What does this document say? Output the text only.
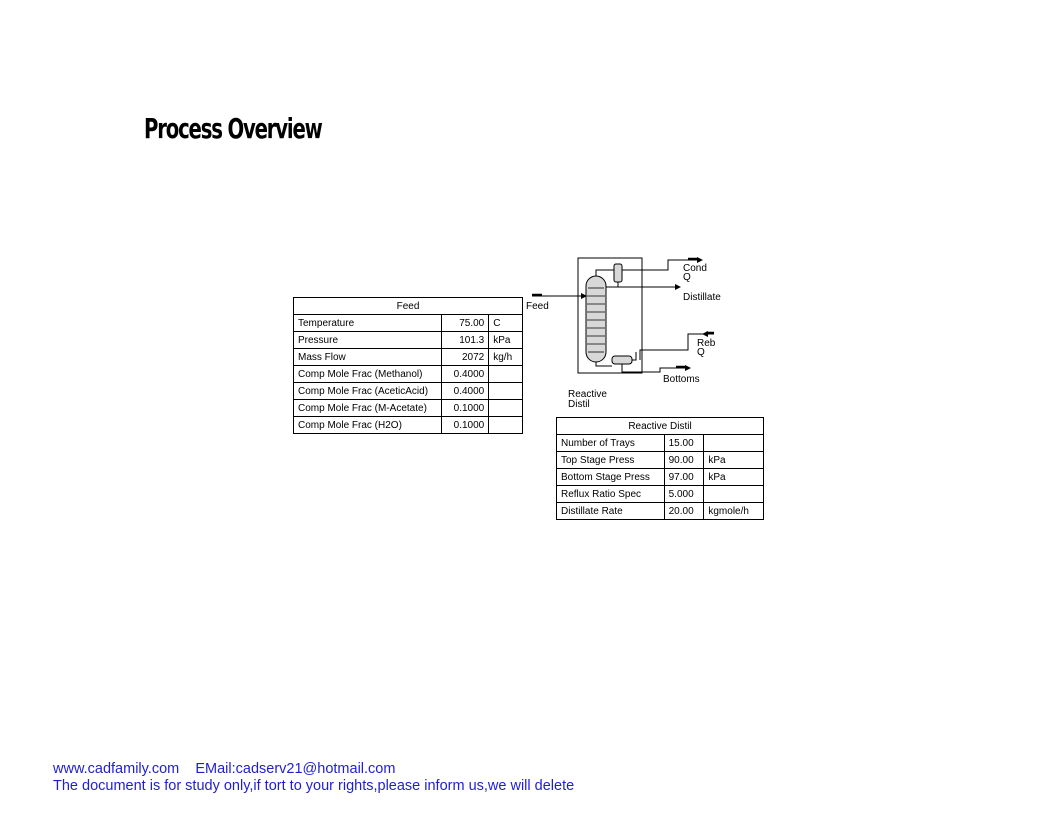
Process Overview
Feed		
Temperature	75.00	C
Pressure	101.3	kPa
Mass Flow	2072	kg/h
Comp Mole Frac (Methanol)	0.4000	
Comp Mole Frac (AceticAcid)	0.4000	
Comp Mole Frac (M-Acetate)	0.1000	
Comp Mole Frac (H2O)	0.1000	
Feed
Cond
Q
Distillate
Reb
Q
Bottoms
Reactive
Distil
Reactive Distil		
Number of Trays	15.00	
Top Stage Press	90.00	kPa
Bottom Stage Press	97.00	kPa
Reflux Ratio Spec	5.000	
Distillate Rate	20.00	kgmole/h
www.cadfamily.com EMail:cadserv21@hotmail.com
The document is for study only,if tort to your rights,please inform us,we will delete
